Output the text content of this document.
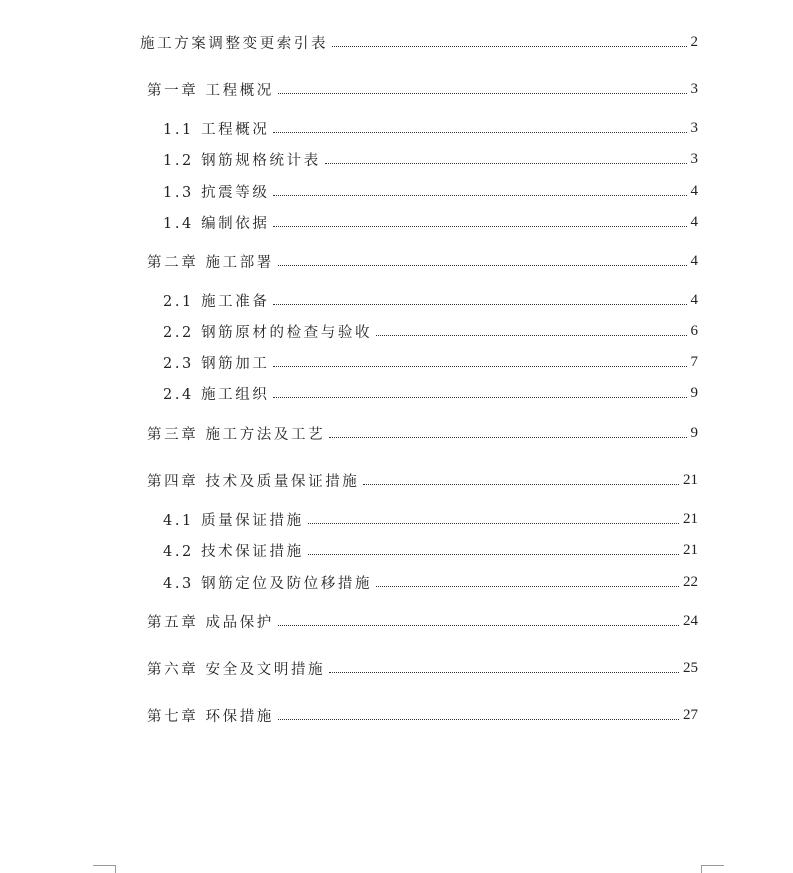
施工方案调整变更索引表	2
第一章 工程概况	3
1.1 工程概况	3
1.2 钢筋规格统计表	3
1.3 抗震等级	4
1.4 编制依据	4
第二章 施工部署	4
2.1 施工准备	4
2.2 钢筋原材的检查与验收	6
2.3 钢筋加工	7
2.4 施工组织	9
第三章 施工方法及工艺	9
第四章 技术及质量保证措施	21
4.1 质量保证措施	21
4.2 技术保证措施	21
4.3 钢筋定位及防位移措施	22
第五章 成品保护	24
第六章 安全及文明措施	25
第七章 环保措施	27
